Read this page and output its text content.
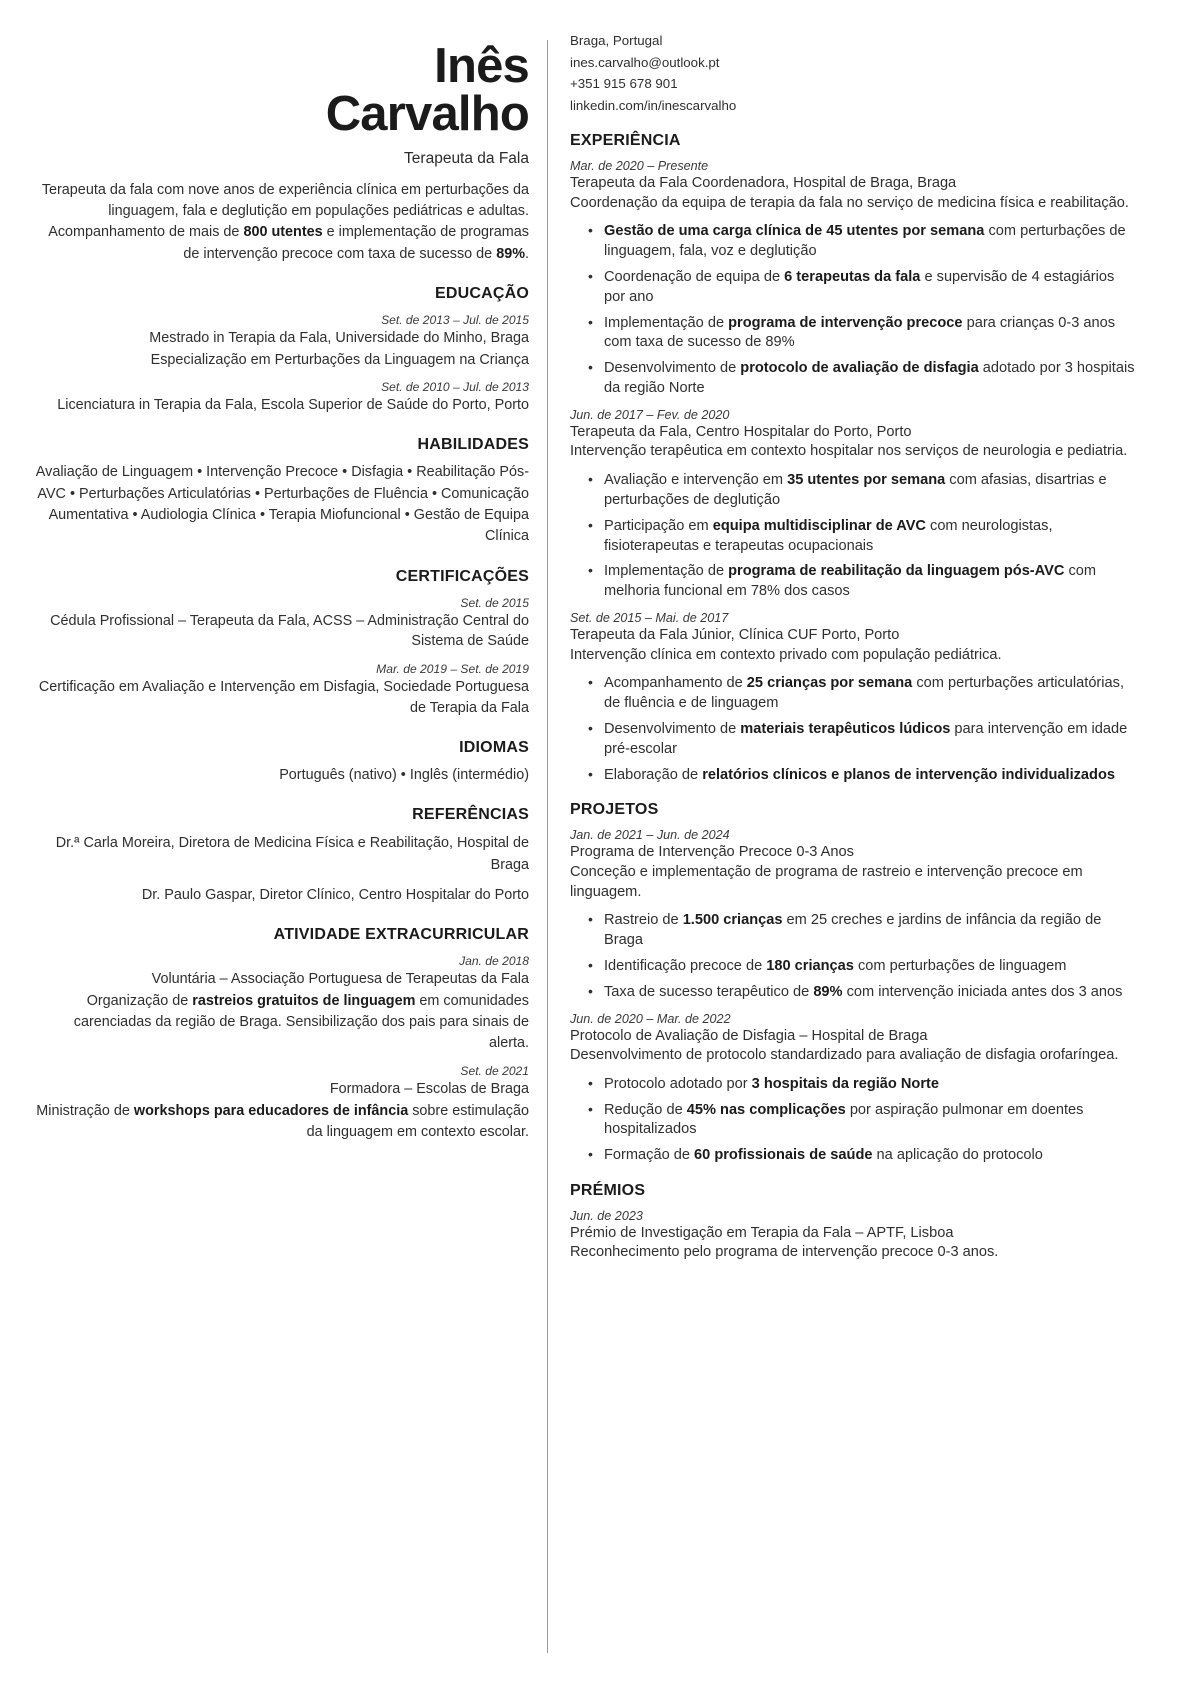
Inês
Carvalho
Terapeuta da Fala
Terapeuta da fala com nove anos de experiência clínica em perturbações da linguagem, fala e deglutição em populações pediátricas e adultas. Acompanhamento de mais de 800 utentes e implementação de programas de intervenção precoce com taxa de sucesso de 89%.
EDUCAÇÃO
Set. de 2013 – Jul. de 2015
Mestrado in Terapia da Fala, Universidade do Minho, Braga
Especialização em Perturbações da Linguagem na Criança
Set. de 2010 – Jul. de 2013
Licenciatura in Terapia da Fala, Escola Superior de Saúde do Porto, Porto
HABILIDADES
Avaliação de Linguagem • Intervenção Precoce • Disfagia • Reabilitação Pós-AVC • Perturbações Articulatórias • Perturbações de Fluência • Comunicação Aumentativa • Audiologia Clínica • Terapia Miofuncional • Gestão de Equipa Clínica
CERTIFICAÇÕES
Set. de 2015
Cédula Profissional – Terapeuta da Fala, ACSS – Administração Central do Sistema de Saúde
Mar. de 2019 – Set. de 2019
Certificação em Avaliação e Intervenção em Disfagia, Sociedade Portuguesa de Terapia da Fala
IDIOMAS
Português (nativo) • Inglês (intermédio)
REFERÊNCIAS
Dr.ª Carla Moreira, Diretora de Medicina Física e Reabilitação, Hospital de Braga
Dr. Paulo Gaspar, Diretor Clínico, Centro Hospitalar do Porto
ATIVIDADE EXTRACURRICULAR
Jan. de 2018
Voluntária – Associação Portuguesa de Terapeutas da Fala
Organização de rastreios gratuitos de linguagem em comunidades carenciadas da região de Braga. Sensibilização dos pais para sinais de alerta.
Set. de 2021
Formadora – Escolas de Braga
Ministração de workshops para educadores de infância sobre estimulação da linguagem em contexto escolar.
Braga, Portugal
ines.carvalho@outlook.pt
+351 915 678 901
linkedin.com/in/inescarvalho
EXPERIÊNCIA
Mar. de 2020 – Presente
Terapeuta da Fala Coordenadora, Hospital de Braga, Braga
Coordenação da equipa de terapia da fala no serviço de medicina física e reabilitação.
• Gestão de uma carga clínica de 45 utentes por semana com perturbações de linguagem, fala, voz e deglutição
• Coordenação de equipa de 6 terapeutas da fala e supervisão de 4 estagiários por ano
• Implementação de programa de intervenção precoce para crianças 0-3 anos com taxa de sucesso de 89%
• Desenvolvimento de protocolo de avaliação de disfagia adotado por 3 hospitais da região Norte
Jun. de 2017 – Fev. de 2020
Terapeuta da Fala, Centro Hospitalar do Porto, Porto
Intervenção terapêutica em contexto hospitalar nos serviços de neurologia e pediatria.
• Avaliação e intervenção em 35 utentes por semana com afasias, disartrias e perturbações de deglutição
• Participação em equipa multidisciplinar de AVC com neurologistas, fisioterapeutas e terapeutas ocupacionais
• Implementação de programa de reabilitação da linguagem pós-AVC com melhoria funcional em 78% dos casos
Set. de 2015 – Mai. de 2017
Terapeuta da Fala Júnior, Clínica CUF Porto, Porto
Intervenção clínica em contexto privado com população pediátrica.
• Acompanhamento de 25 crianças por semana com perturbações articulatórias, de fluência e de linguagem
• Desenvolvimento de materiais terapêuticos lúdicos para intervenção em idade pré-escolar
• Elaboração de relatórios clínicos e planos de intervenção individualizados
PROJETOS
Jan. de 2021 – Jun. de 2024
Programa de Intervenção Precoce 0-3 Anos
Conceção e implementação de programa de rastreio e intervenção precoce em linguagem.
• Rastreio de 1.500 crianças em 25 creches e jardins de infância da região de Braga
• Identificação precoce de 180 crianças com perturbações de linguagem
• Taxa de sucesso terapêutico de 89% com intervenção iniciada antes dos 3 anos
Jun. de 2020 – Mar. de 2022
Protocolo de Avaliação de Disfagia – Hospital de Braga
Desenvolvimento de protocolo standardizado para avaliação de disfagia orofaríngea.
• Protocolo adotado por 3 hospitais da região Norte
• Redução de 45% nas complicações por aspiração pulmonar em doentes hospitalizados
• Formação de 60 profissionais de saúde na aplicação do protocolo
PRÉMIOS
Jun. de 2023
Prémio de Investigação em Terapia da Fala – APTF, Lisboa
Reconhecimento pelo programa de intervenção precoce 0-3 anos.
